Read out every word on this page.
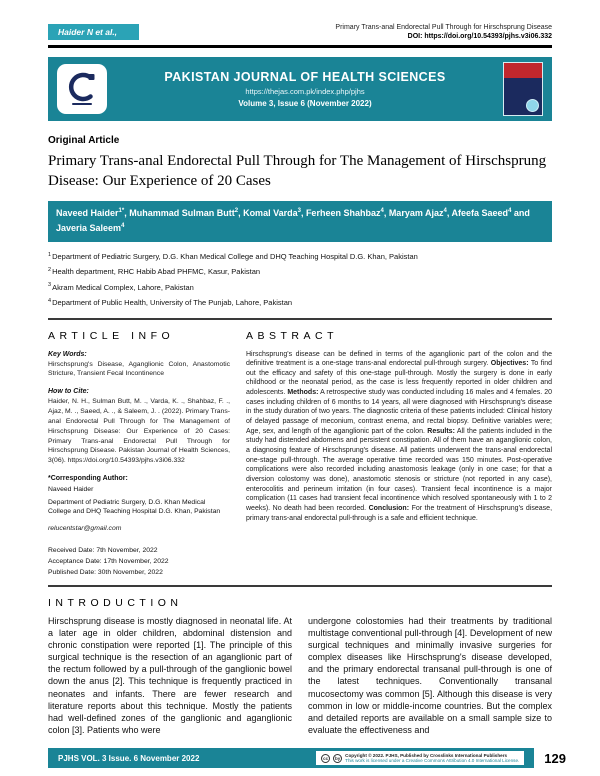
Haider N et al.,	Primary Trans-anal Endorectal Pull Through for Hirschsprung Disease
DOI: https://doi.org/10.54393/pjhs.v3i06.332
PAKISTAN JOURNAL OF HEALTH SCIENCES
https://thejas.com.pk/index.php/pjhs
Volume 3, Issue 6 (November 2022)
Original Article
Primary Trans-anal Endorectal Pull Through for The Management of Hirschsprung Disease: Our Experience of 20 Cases
Naveed Haider$^{1*}$, Muhammad Sulman Butt$^2$, Komal Varda$^3$, Ferheen Shahbaz$^4$, Maryam Ajaz$^4$, Afeefa Saeed$^4$ and Javeria Saleem$^4$
$^1$Department of Pediatric Surgery, D.G. Khan Medical College and DHQ Teaching Hospital D.G. Khan, Pakistan
$^2$Health department, RHC Habib Abad PHFMC, Kasur, Pakistan
$^3$Akram Medical Complex, Lahore, Pakistan
$^4$Department of Public Health, University of The Punjab, Lahore, Pakistan
ARTICLE INFO
Key Words:
Hirschsprung's Disease, Aganglionic Colon, Anastomotic Stricture, Transient Fecal Incontinence
How to Cite:
Haider, N. H., Sulman Butt, M. ., Varda, K. ., Shahbaz, F. ., Ajaz, M. ., Saeed, A. ., & Saleem, J. . (2022). Primary Trans-anal Endorectal Pull Through for The Management of Hirschsprung Disease: Our Experience of 20 Cases: Primary Trans-anal Endorectal Pull Through for Hirschsprung Disease. Pakistan Journal of Health Sciences, 3(06). https://doi.org/10.54393/pjhs.v3i06.332
*Corresponding Author:
Naveed Haider
Department of Pediatric Surgery, D.G. Khan Medical College and DHQ Teaching Hospital D.G. Khan, Pakistan
relucentstar@gmail.com
Received Date: 7th November, 2022
Acceptance Date: 17th November, 2022
Published Date: 30th November, 2022
ABSTRACT

Hirschsprung's disease can be defined in terms of the aganglionic part of the colon and the definitive treatment is a one-stage trans-anal endorectal pull-through surgery. Objectives: To find out the efficacy and safety of this one-stage pull-through. Mostly the surgery is done in early childhood or the neonatal period, as the case is less frequently reported in older children and adolescents. Methods: A retrospective study was conducted including 16 males and 4 females. 20 cases including children of 6 months to 14 years, all were diagnosed with Hirschsprung's disease in the study duration of two years. The diagnostic criteria of these patients included: Clinical history of delayed passage of meconium, contrast enema, and rectal biopsy. Definitive variables were; Age, sex, and length of the aganglionic part of the colon. Results: All the patients included in the study had distended abdomens and persistent constipation. All of them have an aganglionic colon, a diagnosing feature of Hirschsprung's disease. All patients underwent the trans-anal endorectal one-stage pull-through. The average operative time recorded was 150 minutes. Post-operative complications were also recorded including anastomosis leakage (only in one case; for that a diversion colostomy was done), anastomotic stenosis or stricture (not reported in any case), enterocolitis and perineum irritation (in four cases). Transient fecal incontinence is a major complication (11 cases had transient fecal incontinence which resolved spontaneously with 1 to 2 weeks). No death had been recorded. Conclusion: For the treatment of Hirschsprung's disease, primary trans-anal endorectal pull-through is a safe and efficient technique.

INTRODUCTION

Hirschsprung disease is mostly diagnosed in neonatal life. At a later age in older children, abdominal distension and chronic constipation were reported [1]. The principle of this surgical technique is the resection of an aganglionic part of the rectum followed by a pull-through of the ganglionic bowel down the anus [2]. This technique is frequently practiced in neonates and infants. There are fewer research and literature reports about this technique. Mostly the patients had well-defined zones of the ganglionic and aganglionic colon [3]. Patients who were

undergone colostomies had their treatments by traditional multistage conventional pull-through [4]. Development of new surgical techniques and minimally invasive surgeries for complex diseases like Hirschsprung's disease developed, and the primary endorectal transanal pull-through is one of the latest techniques. Conventionally transanal mucosectomy was common [5]. Although this disease is very common in low or middle-income countries. But the complex and detailed reports are available on a small sample size to evaluate the effectiveness and

PJHS VOL. 3 Issue. 6 November 2022	cc	by	Copyright © 2022. PJHS, Published by Crosslinks International Publishers
This work is licensed under a Creative Commons Attribution 4.0 International License. 129
